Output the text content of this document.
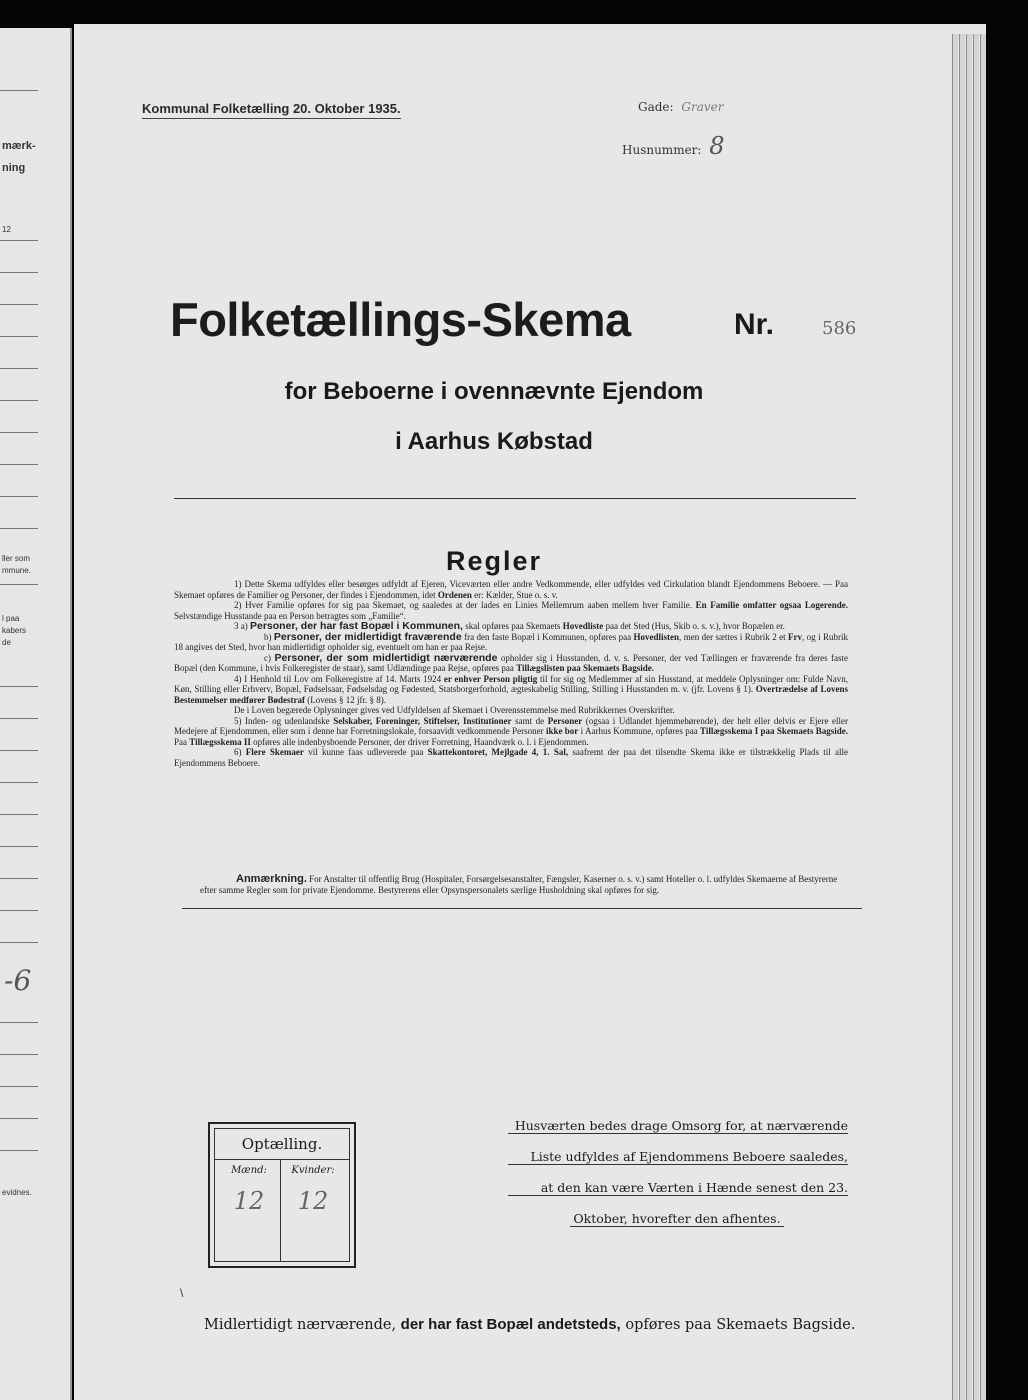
mærk-
ning
12
ller som
mmune.
l paa
kabers
de
-6
evidnes.
Kommunal Folketælling 20. Oktober 1935.	Gade: Graver
Husnummer: 8
Folketællings-Skema	Nr.	586
for Beboerne i ovennævnte Ejendom
i Aarhus Købstad
Regler

1) Dette Skema udfyldes eller besørges udfyldt af Ejeren, Viceværten eller andre Vedkommende, eller udfyldes ved Cirkulation blandt Ejendommens Beboere. — Paa Skemaet opføres de Familier og Personer, der findes i Ejendommen, idet Ordenen er: Kælder, Stue o. s. v.

2) Hver Familie opføres for sig paa Skemaet, og saaledes at der lades en Linies Mellemrum aaben mellem hver Familie. En Familie omfatter ogsaa Logerende. Selvstændige Husstande paa en Person betragtes som „Familie“.

3 a) Personer, der har fast Bopæl i Kommunen, skal opføres paa Skemaets Hovedliste paa det Sted (Hus, Skib o. s. v.), hvor Bopælen er.

b) Personer, der midlertidigt fraværende fra den faste Bopæl i Kommunen, opføres paa Hovedlisten, men der sættes i Rubrik 2 et Frv, og i Rubrik 18 angives det Sted, hvor han midlertidigt opholder sig, eventuelt om han er paa Rejse.

c) Personer, der som midlertidigt nærværende opholder sig i Husstanden, d. v. s. Personer, der ved Tællingen er fraværende fra deres faste Bopæl (den Kommune, i hvis Folkeregister de staar), samt Udlændinge paa Rejse, opføres paa Tillægslisten paa Skemaets Bagside.

4) I Henhold til Lov om Folkeregistre af 14. Marts 1924 er enhver Person pligtig til for sig og Medlemmer af sin Husstand, at meddele Oplysninger om: Fulde Navn, Køn, Stilling eller Erhverv, Bopæl, Fødselsaar, Fødselsdag og Fødested, Statsborgerforhold, ægteskabelig Stilling, Stilling i Husstanden m. v. (jfr. Lovens § 1). Overtrædelse af Lovens Bestemmelser medfører Bødestraf (Lovens § 12 jfr. § 8).

De i Loven begærede Oplysninger gives ved Udfyldelsen af Skemaet i Overensstemmelse med Rubrikkernes Overskrifter.

5) Inden- og udenlandske Selskaber, Foreninger, Stiftelser, Institutioner samt de Personer (ogsaa i Udlandet hjemmehørende), der helt eller delvis er Ejere eller Medejere af Ejendommen, eller som i denne har Forretningslokale, forsaavidt vedkommende Personer ikke bor i Aarhus Kommune, opføres paa Tillægsskema I paa Skemaets Bagside. Paa Tillægsskema II opføres alle indenbysboende Personer, der driver Forretning, Haandværk o. l. i Ejendommen.

6) Flere Skemaer vil kunne faas udleverede paa Skattekontoret, Mejlgade 4, 1. Sal, saafremt der paa det tilsendte Skema ikke er tilstrækkelig Plads til alle Ejendommens Beboere.

Anmærkning. For Anstalter til offentlig Brug (Hospitaler, Forsørgelsesanstalter, Fængsler, Kaserner o. s. v.) samt Hoteller o. l. udfyldes Skemaerne af Bestyrerne efter samme Regler som for private Ejendomme. Bestyrerens eller Opsynspersonalets særlige Husholdning skal opføres for sig.
Optælling.
Mænd:	Kvinder:
12	12
Husværten bedes drage Omsorg for, at nærværende
Liste udfyldes af Ejendommens Beboere saaledes,
at den kan være Værten i Hænde senest den 23.
Oktober, hvorefter den afhentes.
\
Midlertidigt nærværende, der har fast Bopæl andetsteds, opføres paa Skemaets Bagside.
